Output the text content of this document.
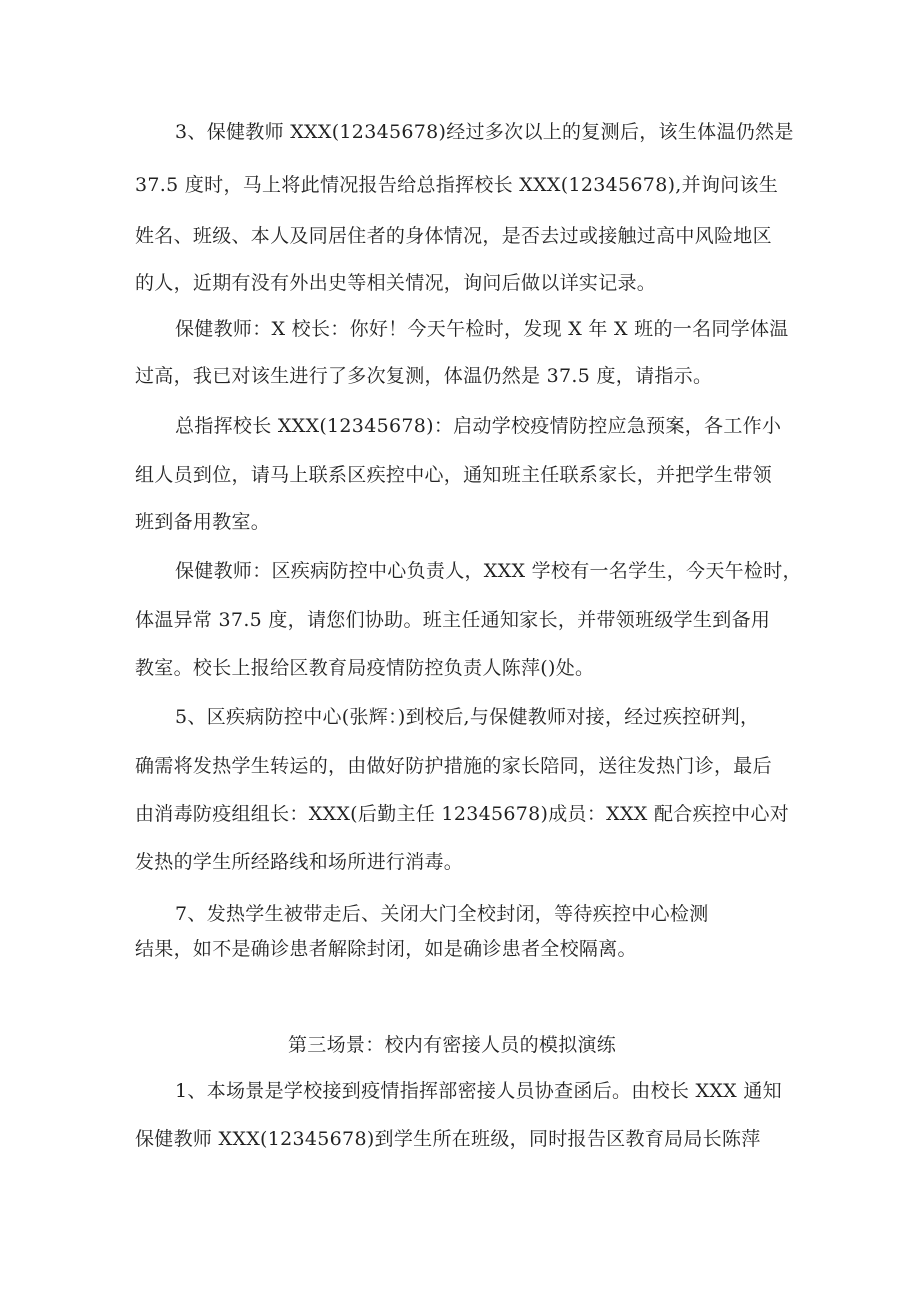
3、保健教师 XXX(12345678)经过多次以上的复测后，该生体温仍然是
37.5 度时，马上将此情况报告给总指挥校长 XXX(12345678),并询问该生
姓名、班级、本人及同居住者的身体情况，是否去过或接触过高中风险地区
的人，近期有没有外出史等相关情况，询问后做以详实记录。
保健教师：X 校长：你好！今天午检时，发现 X 年 X 班的一名同学体温
过高，我已对该生进行了多次复测，体温仍然是 37.5 度，请指示。
总指挥校长 XXX(12345678)：启动学校疫情防控应急预案，各工作小
组人员到位，请马上联系区疾控中心，通知班主任联系家长，并把学生带领
班到备用教室。
保健教师：区疾病防控中心负责人，XXX 学校有一名学生，今天午检时，
体温异常 37.5 度，请您们协助。班主任通知家长，并带领班级学生到备用
教室。校长上报给区教育局疫情防控负责人陈萍()处。
5、区疾病防控中心(张辉：)到校后,与保健教师对接，经过疾控研判，
确需将发热学生转运的，由做好防护措施的家长陪同，送往发热门诊，最后
由消毒防疫组组长：XXX(后勤主任 12345678)成员：XXX 配合疾控中心对
发热的学生所经路线和场所进行消毒。
7、发热学生被带走后、关闭大门全校封闭，等待疾控中心检测
结果，如不是确诊患者解除封闭，如是确诊患者全校隔离。
第三场景：校内有密接人员的模拟演练
1、本场景是学校接到疫情指挥部密接人员协查函后。由校长 XXX 通知
保健教师 XXX(12345678)到学生所在班级，同时报告区教育局局长陈萍
